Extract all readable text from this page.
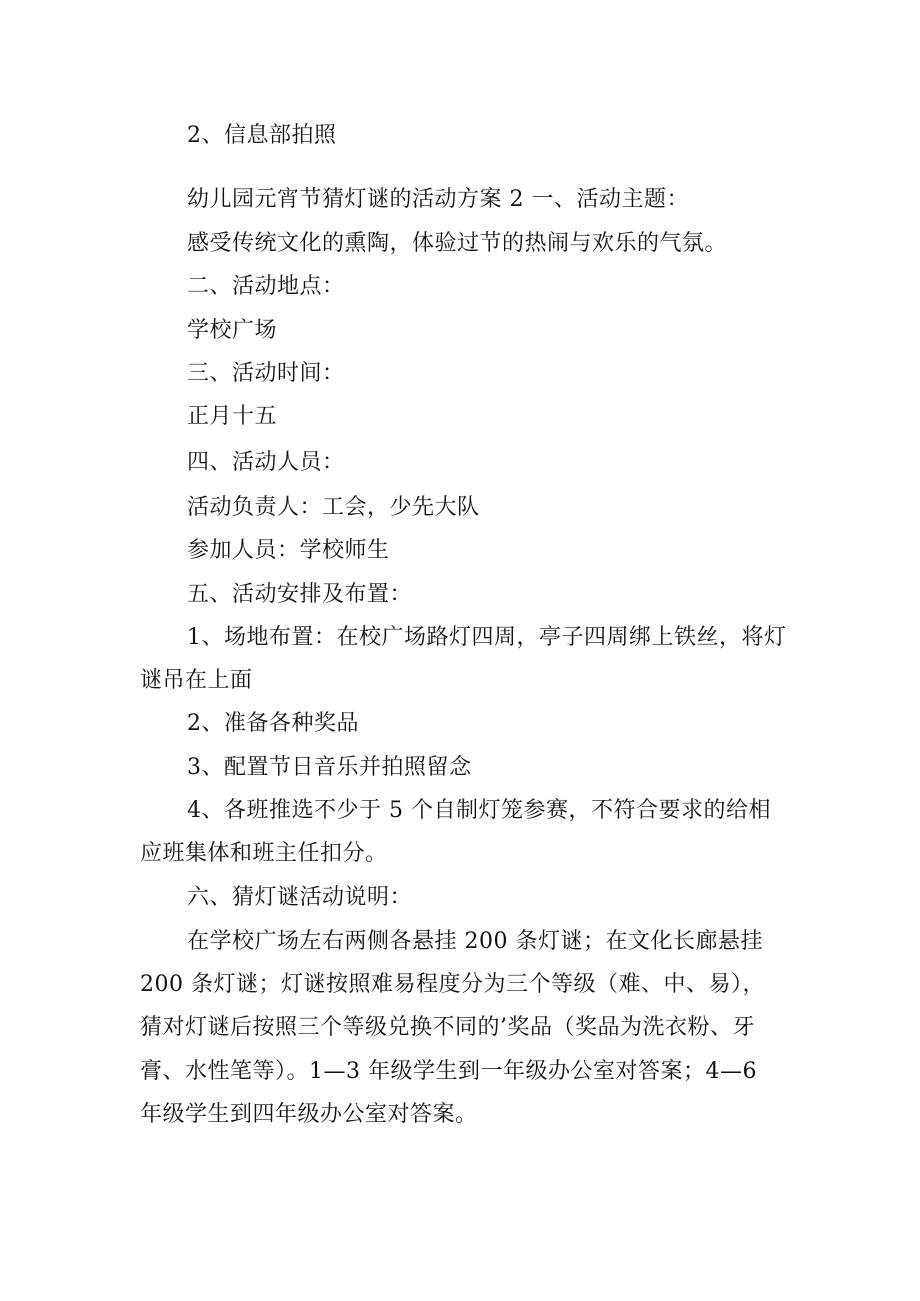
2、信息部拍照
幼儿园元宵节猜灯谜的活动方案 2 一、活动主题：
感受传统文化的熏陶，体验过节的热闹与欢乐的气氛。
二、活动地点：
学校广场
三、活动时间：
正月十五
四、活动人员：
活动负责人：工会，少先大队
参加人员：学校师生
五、活动安排及布置：
1、场地布置：在校广场路灯四周，亭子四周绑上铁丝，将灯
谜吊在上面
2、准备各种奖品
3、配置节日音乐并拍照留念
4、各班推选不少于 5 个自制灯笼参赛，不符合要求的给相
应班集体和班主任扣分。
六、猜灯谜活动说明：
在学校广场左右两侧各悬挂 200 条灯谜；在文化长廊悬挂
200 条灯谜；灯谜按照难易程度分为三个等级（难、中、易），
猜对灯谜后按照三个等级兑换不同的’奖品（奖品为洗衣粉、牙
膏、水性笔等）。1—3 年级学生到一年级办公室对答案；4—6
年级学生到四年级办公室对答案。
